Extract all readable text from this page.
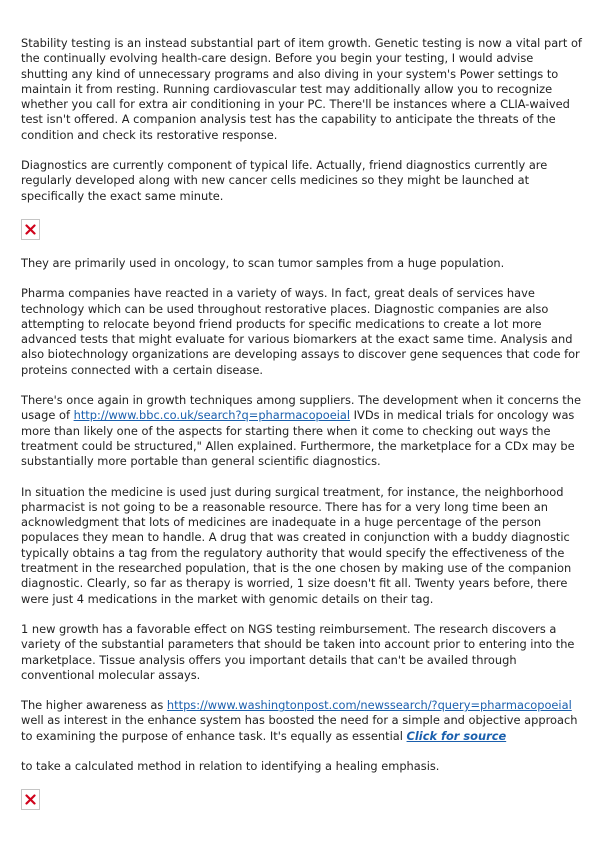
Stability testing is an instead substantial part of item growth. Genetic testing is now a vital part of the continually evolving health-care design. Before you begin your testing, I would advise shutting any kind of unnecessary programs and also diving in your system's Power settings to maintain it from resting. Running cardiovascular test may additionally allow you to recognize whether you call for extra air conditioning in your PC. There'll be instances where a CLIA-waived test isn't offered. A companion analysis test has the capability to anticipate the threats of the condition and check its restorative response.

Diagnostics are currently component of typical life. Actually, friend diagnostics currently are regularly developed along with new cancer cells medicines so they might be launched at specifically the exact same minute.

They are primarily used in oncology, to scan tumor samples from a huge population.

Pharma companies have reacted in a variety of ways. In fact, great deals of services have technology which can be used throughout restorative places. Diagnostic companies are also attempting to relocate beyond friend products for specific medications to create a lot more advanced tests that might evaluate for various biomarkers at the exact same time. Analysis and also biotechnology organizations are developing assays to discover gene sequences that code for proteins connected with a certain disease.

There's once again in growth techniques among suppliers. The development when it concerns the usage of http://www.bbc.co.uk/search?q=pharmacopoeial IVDs in medical trials for oncology was more than likely one of the aspects for starting there when it come to checking out ways the treatment could be structured," Allen explained. Furthermore, the marketplace for a CDx may be substantially more portable than general scientific diagnostics.

In situation the medicine is used just during surgical treatment, for instance, the neighborhood pharmacist is not going to be a reasonable resource. There has for a very long time been an acknowledgment that lots of medicines are inadequate in a huge percentage of the person populaces they mean to handle. A drug that was created in conjunction with a buddy diagnostic typically obtains a tag from the regulatory authority that would specify the effectiveness of the treatment in the researched population, that is the one chosen by making use of the companion diagnostic. Clearly, so far as therapy is worried, 1 size doesn't fit all. Twenty years before, there were just 4 medications in the market with genomic details on their tag.

1 new growth has a favorable effect on NGS testing reimbursement. The research discovers a variety of the substantial parameters that should be taken into account prior to entering into the marketplace. Tissue analysis offers you important details that can't be availed through conventional molecular assays.

The higher awareness as https://www.washingtonpost.com/newssearch/?query=pharmacopoeial well as interest in the enhance system has boosted the need for a simple and objective approach to examining the purpose of enhance task. It's equally as essential Click for source

to take a calculated method in relation to identifying a healing emphasis.
